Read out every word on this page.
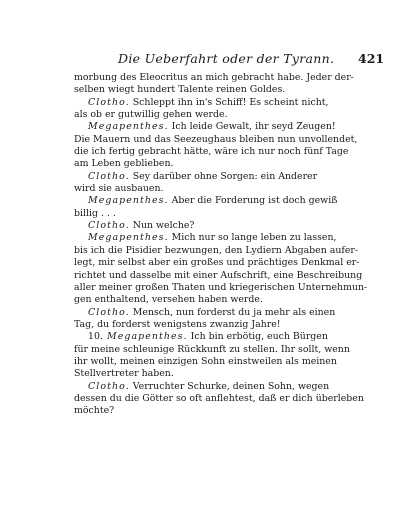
Die Ueberfahrt oder der Tyrann.	421
morbung des Eleocritus an mich gebracht habe. Jeder der-
selben wiegt hundert Talente reinen Goldes.
Clotho. Schleppt ihn in's Schiff! Es scheint nicht,
als ob er gutwillig gehen werde.
Megapenthes. Ich leide Gewalt, ihr seyd Zeugen!
Die Mauern und das Seezeughaus bleiben nun unvollendet,
die ich fertig gebracht hätte, wäre ich nur noch fünf Tage
am Leben geblieben.
Clotho. Sey darüber ohne Sorgen: ein Anderer
wird sie ausbauen.
Megapenthes. Aber die Forderung ist doch gewiß
billig . . .
Clotho. Nun welche?
Megapenthes. Mich nur so lange leben zu lassen,
bis ich die Pisidier bezwungen, den Lydiern Abgaben aufer-
legt, mir selbst aber ein großes und prächtiges Denkmal er-
richtet und dasselbe mit einer Aufschrift, eine Beschreibung
aller meiner großen Thaten und kriegerischen Unternehmun-
gen enthaltend, versehen haben werde.
Clotho. Mensch, nun forderst du ja mehr als einen
Tag, du forderst wenigstens zwanzig Jahre!
10. Megapenthes. Ich bin erbötig, euch Bürgen
für meine schleunige Rückkunft zu stellen. Ihr sollt, wenn
ihr wollt, meinen einzigen Sohn einstweilen als meinen
Stellvertreter haben.
Clotho. Verruchter Schurke, deinen Sohn, wegen
dessen du die Götter so oft anflehtest, daß er dich überleben
möchte?
